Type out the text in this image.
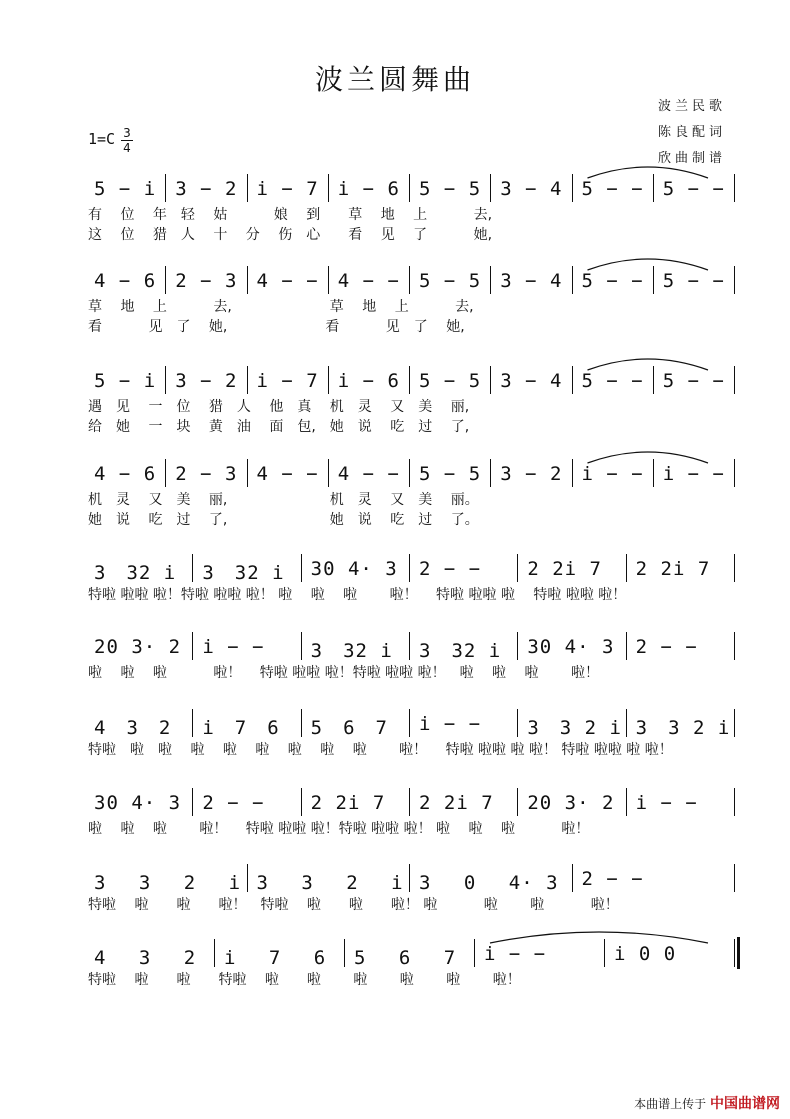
波兰圆舞曲
波兰民歌
陈良配词
欣曲制谱
1=C 3
4
5 − i	3 − 2	i − 7	i − 6	5 − 5	3 − 4	5 − −	5 − −
有　 位　 年　轻　 姑　　　 娘　 到　　草　 地　 上　　　 去,
这　 位　 猎　人　 十　 分　 伤　心　　看　 见　 了　　　 她,
4 − 6	2 − 3	4 − −	4 − −	5 − 5	3 − 4	5 − −	5 − −
草　 地　 上　　　 去,　　　　　　　草　 地　 上　　　 去,
看　　　 见　了　 她,　　　　　　　看　　　 见　了　 她,
5 − i	3 − 2	i − 7	i − 6	5 − 5	3 − 4	5 − −	5 − −
遇　见　 一　位　 猎　人　 他　真　 机　灵　 又　美　 丽,
给　她　 一　块　 黄　油　 面　包,　她　说　 吃　过　 了,
4 − 6	2 − 3	4 − −	4 − −	5 − 5	3 − 2	i − −	i − −
机　灵　 又　美　 丽,　　　　　　　 机　灵　 又　美　 丽。
她　说　 吃　过　 了,　　　　　　　 她　说　 吃　过　 了。
3　32 i	3　32 i	30 4· 3	2 − −	2 2i 7	2 2i 7
特啦 啦啦 啦！特啦 啦啦 啦！ 啦　 啦　 啦　　 啦！　 特啦 啦啦 啦　 特啦 啦啦 啦！
20 3· 2	i − −	3　32 i	3　32 i	30 4· 3	2 − −
啦　 啦　 啦　　　 啦！　 特啦 啦啦 啦！特啦 啦啦 啦！　啦　 啦　 啦　　 啦！
4　3　2	i　7　6	5　6　7	i − −	3　3 2 i 3　3 2 i
特啦　啦　啦　 啦　 啦　 啦　 啦　 啦　 啦　　 啦！　 特啦 啦啦 啦 啦！ 特啦 啦啦 啦 啦！
30 4· 3	2 − −	2 2i 7	2 2i 7	20 3· 2	i − −
啦　 啦　 啦　　 啦！　 特啦 啦啦 啦！特啦 啦啦 啦！ 啦　 啦　 啦　　　 啦！
3　 3　 2　 i 3　 3　 2　 i 3　 0　 4· 3	2 − −
特啦　 啦　　啦　　啦！　特啦　 啦　　啦　　啦！ 啦　　　 啦　　 啦　　　 啦！
4　 3　 2	i　 7　 6	5　 6　 7	i − −	i 0 0
特啦　 啦　　啦　　特啦　 啦　　啦　　 啦　　 啦　　 啦　　 啦！
本曲谱上传于 中国曲谱网
